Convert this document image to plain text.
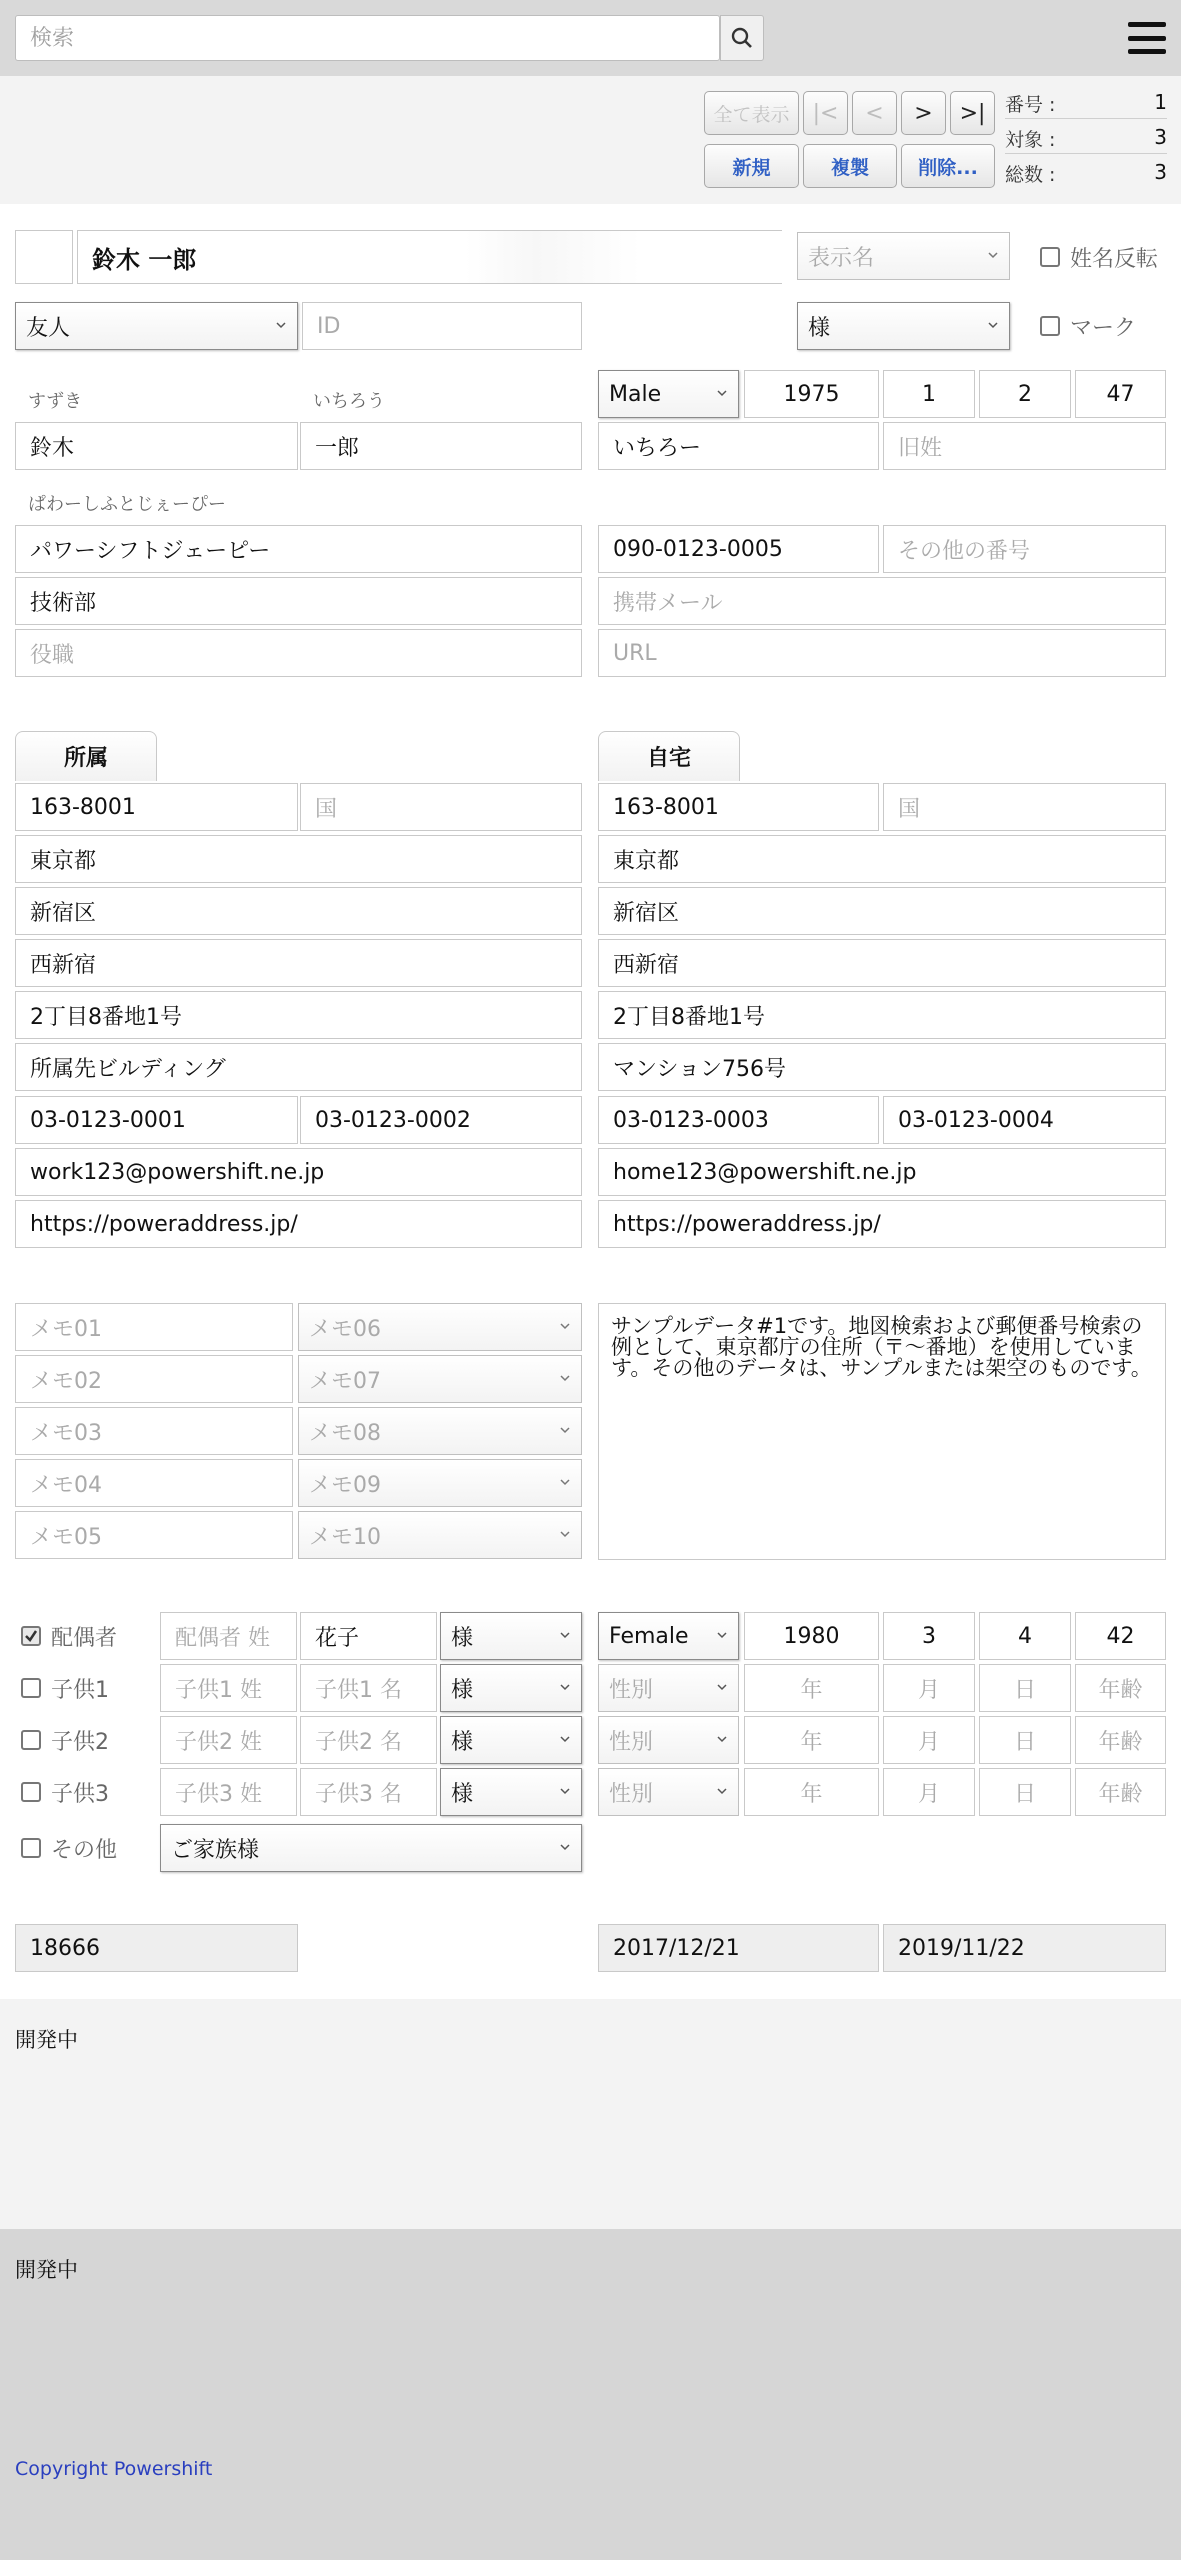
検索
全て表示	|<	<	>	>|
新規	複製	削除...
番号 :	1
対象 :	3
総数 :	3
鈴木 一郎	表示名	姓名反転
友人	ID	様	マーク
すずき	いちろう	Male	1975	1	2	47
鈴木	一郎	いちろー	旧姓
ぱわーしふとじぇーぴー
パワーシフトジェーピー	090-0123-0005	その他の番号
技術部	携帯メール
役職	URL
所属	自宅
163-8001	国
東京都
新宿区
西新宿
2丁目8番地1号
所属先ビルディング
03-0123-0001	03-0123-0002
work123@powershift.ne.jp
https://poweraddress.jp/
163-8001	国
東京都
新宿区
西新宿
2丁目8番地1号
マンション756号
03-0123-0003	03-0123-0004
home123@powershift.ne.jp
https://poweraddress.jp/
メモ01
メモ02
メモ03
メモ04
メモ05
メモ06
メモ07
メモ08
メモ09
メモ10
サンプルデータ#1です。地図検索および郵便番号検索の例として、東京都庁の住所（〒～番地）を使用しています。その他のデータは、サンプルまたは架空のものです。
配偶者	配偶者 姓	花子	様	Female	1980	3	4	42
子供1	子供1 姓	子供1 名	様	性別	年	月	日	年齢
子供2	子供2 姓	子供2 名	様	性別	年	月	日	年齢
子供3	子供3 姓	子供3 名	様	性別	年	月	日	年齢
その他 ご家族様
18666	2017/12/21	2019/11/22
開発中
開発中
Copyright Powershift
